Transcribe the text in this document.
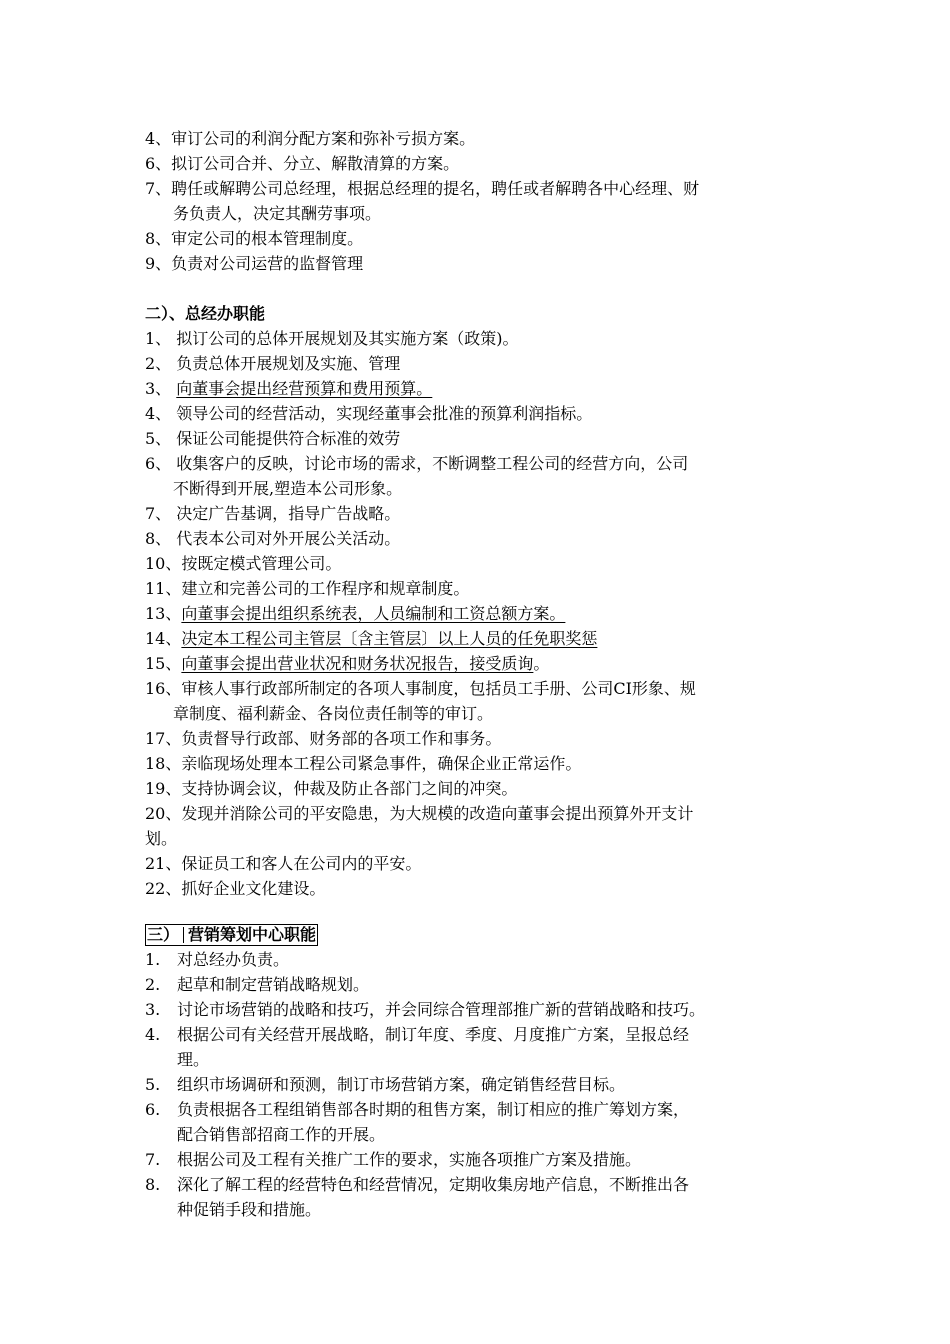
4、审订公司的利润分配方案和弥补亏损方案。
6、拟订公司合并、分立、解散清算的方案。
7、聘任或解聘公司总经理，根据总经理的提名，聘任或者解聘各中心经理、财
务负责人，决定其酬劳事项。
8、审定公司的根本管理制度。
9、负责对公司运营的监督管理
二）、总经办职能
1、 拟订公司的总体开展规划及其实施方案（政策)。
2、 负责总体开展规划及实施、管理
3、 向董事会提出经营预算和费用预算。
4、 领导公司的经营活动，实现经董事会批准的预算利润指标。
5、 保证公司能提供符合标准的效劳
6、 收集客户的反映，讨论市场的需求，不断调整工程公司的经营方向，公司
不断得到开展,塑造本公司形象。
7、 决定广告基调，指导广告战略。
8、 代表本公司对外开展公关活动。
10、按既定模式管理公司。
11、建立和完善公司的工作程序和规章制度。
13、向董事会提出组织系统表，人员编制和工资总额方案。
14、决定本工程公司主管层〔含主管层〕以上人员的任免职奖惩
15、向董事会提出营业状况和财务状况报告，接受质询。
16、审核人事行政部所制定的各项人事制度，包括员工手册、公司CI形象、规
章制度、福利薪金、各岗位责任制等的审订。
17、负责督导行政部、财务部的各项工作和事务。
18、亲临现场处理本工程公司紧急事件，确保企业正常运作。
19、支持协调会议，仲裁及防止各部门之间的冲突。
20、发现并消除公司的平安隐患，为大规模的改造向董事会提出预算外开支计
划。
21、保证员工和客人在公司内的平安。
22、抓好企业文化建设。
三） 营销筹划中心职能
1. 对总经办负责。
2. 起草和制定营销战略规划。
3. 讨论市场营销的战略和技巧，并会同综合管理部推广新的营销战略和技巧。
4. 根据公司有关经营开展战略，制订年度、季度、月度推广方案，呈报总经
理。
5. 组织市场调研和预测，制订市场营销方案，确定销售经营目标。
6. 负责根据各工程组销售部各时期的租售方案，制订相应的推广筹划方案，
配合销售部招商工作的开展。
7. 根据公司及工程有关推广工作的要求，实施各项推广方案及措施。
8. 深化了解工程的经营特色和经营情况，定期收集房地产信息，不断推出各
种促销手段和措施。
